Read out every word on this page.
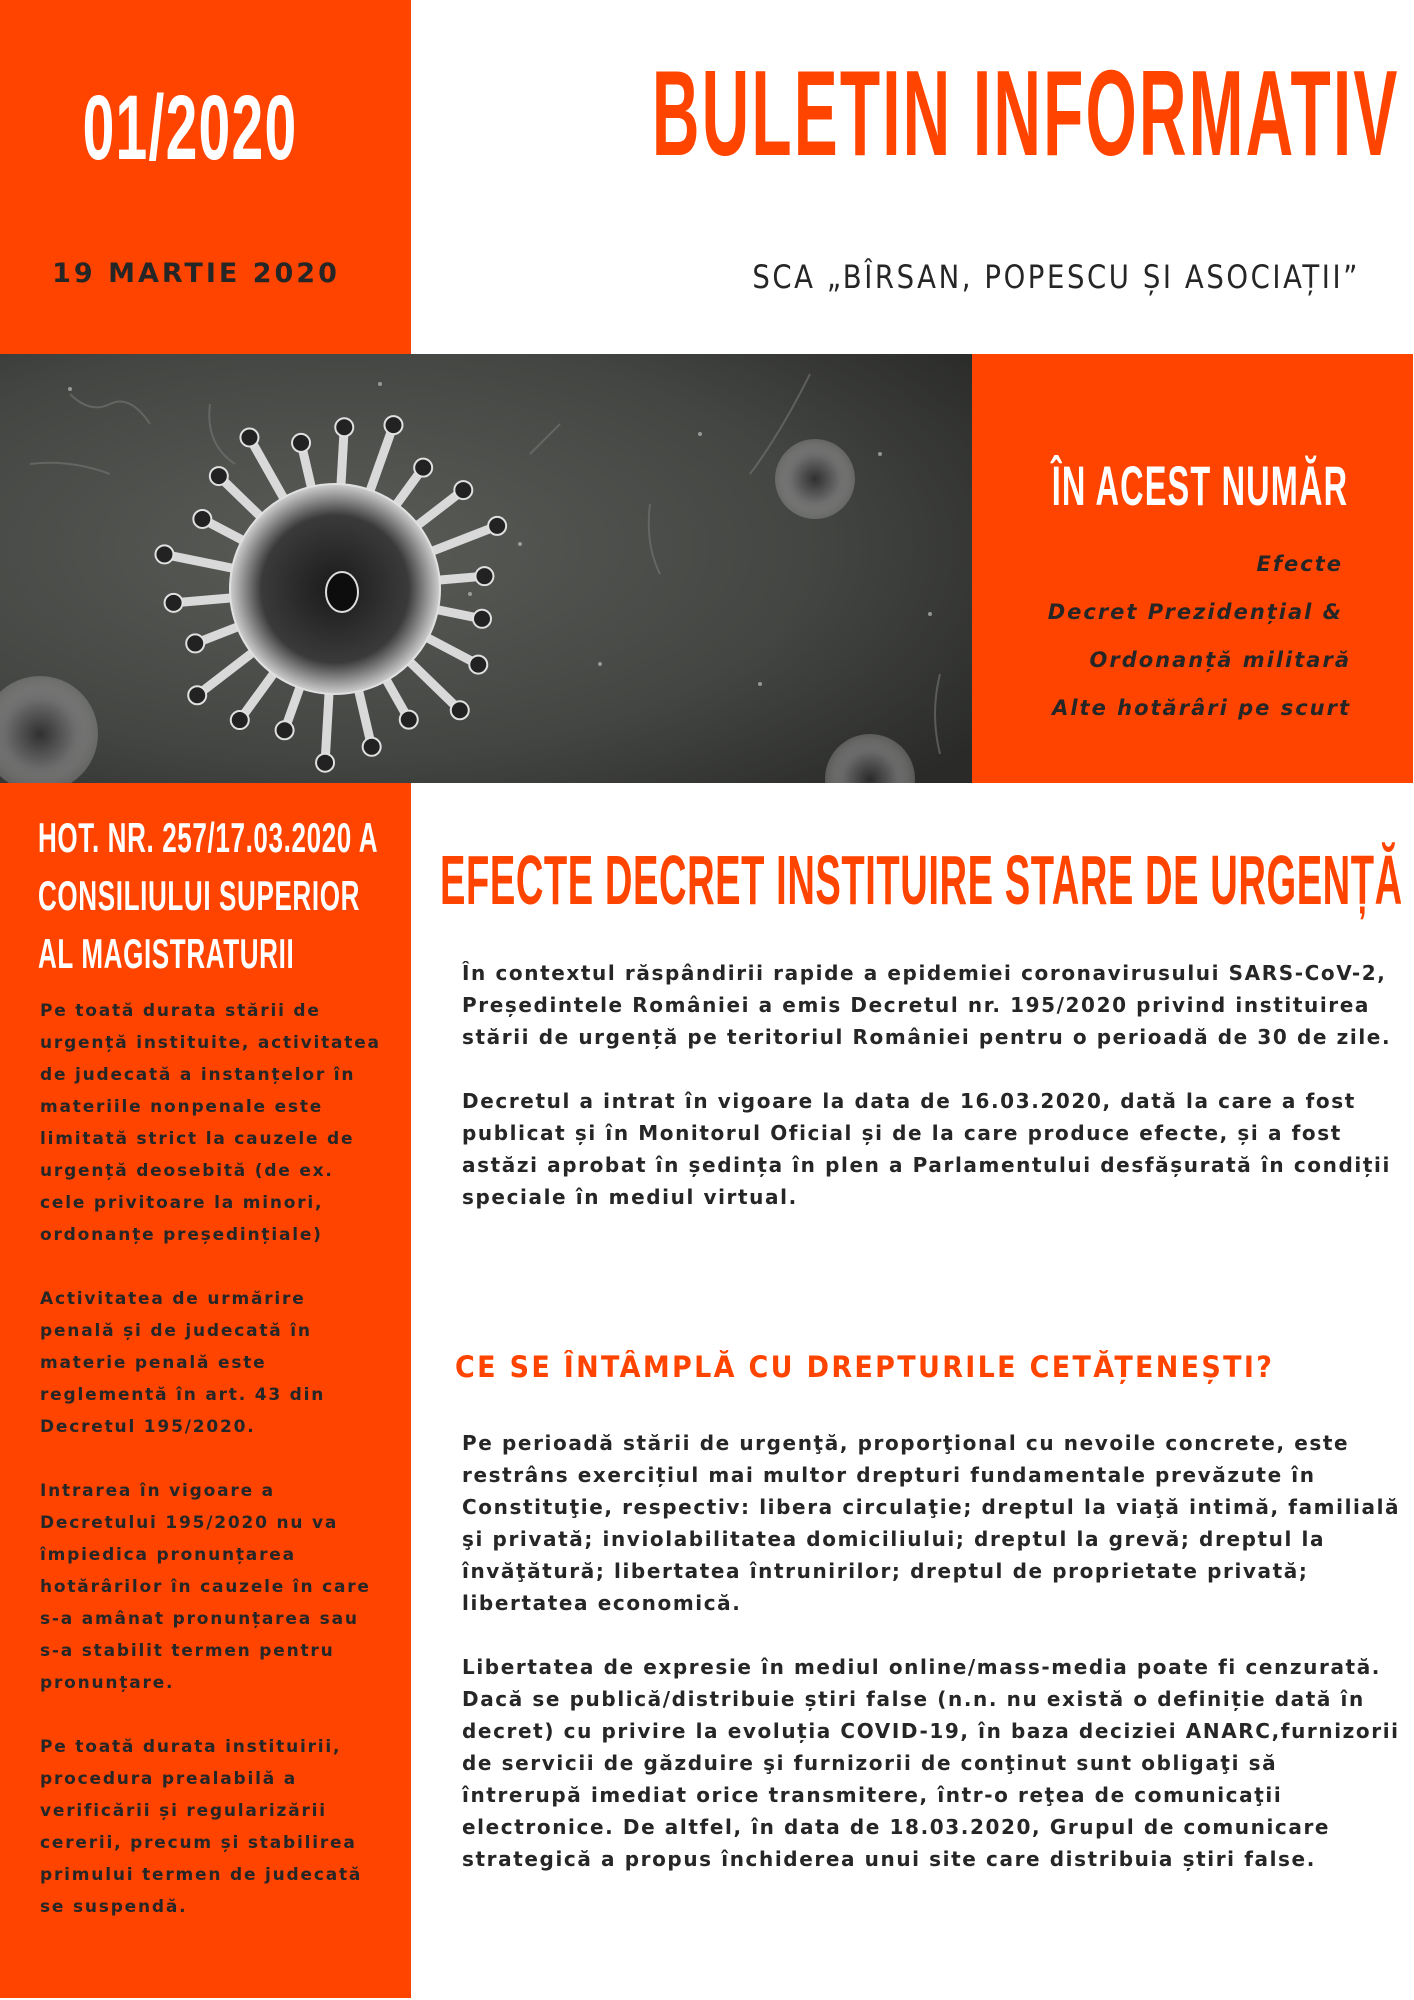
01/2020
19 MARTIE 2020
BULETIN INFORMATIV
SCA „BÎRSAN, POPESCU ȘI ASOCIAȚII”
ÎN ACEST NUMĂR
Efecte
Decret Prezidențial &
Ordonanță militară
Alte hotărâri pe scurt
HOT. NR. 257/17.03.2020 A CONSILIULUI SUPERIOR AL MAGISTRATURII

Pe toată durata stării de urgență instituite, activitatea de judecată a instanțelor în materiile nonpenale este limitată strict la cauzele de urgență deosebită (de ex. cele privitoare la minori, ordonanțe președințiale)

Activitatea de urmărire penală și de judecată în materie penală este reglementă în art. 43 din Decretul 195/2020.

Intrarea în vigoare a Decretului 195/2020 nu va împiedica pronunțarea hotărârilor în cauzele în care s-a amânat pronunțarea sau s-a stabilit termen pentru pronunțare.

Pe toată durata instituirii, procedura prealabilă a verificării și regularizării cererii, precum și stabilirea primului termen de judecată se suspendă.

EFECTE DECRET INSTITUIRE STARE DE URGENȚĂ

În contextul răspândirii rapide a epidemiei coronavirusului SARS-CoV-2, Președintele României a emis Decretul nr. 195/2020 privind instituirea stării de urgență pe teritoriul României pentru o perioadă de 30 de zile.

Decretul a intrat în vigoare la data de 16.03.2020, dată la care a fost publicat și în Monitorul Oficial și de la care produce efecte, și a fost astăzi aprobat în ședința în plen a Parlamentului desfășurată în condiții speciale în mediul virtual.

CE SE ÎNTÂMPLĂ CU DREPTURILE CETĂȚENEȘTI?

Pe perioadă stării de urgenţă, proporţional cu nevoile concrete, este restrâns exercițiul mai multor drepturi fundamentale prevăzute în Constituţie, respectiv: libera circulaţie; dreptul la viaţă intimă, familială şi privată; inviolabilitatea domiciliului; dreptul la grevă; dreptul la învăţătură; libertatea întrunirilor; dreptul de proprietate privată; libertatea economică.

Libertatea de expresie în mediul online/mass-media poate fi cenzurată. Dacă se publică/distribuie știri false (n.n. nu există o definiție dată în decret) cu privire la evoluția COVID-19, în baza deciziei ANARC,furnizorii de servicii de găzduire şi furnizorii de conţinut sunt obligaţi să întrerupă imediat orice transmitere, într-o reţea de comunicaţii electronice. De altfel, în data de 18.03.2020, Grupul de comunicare strategică a propus închiderea unui site care distribuia știri false.
